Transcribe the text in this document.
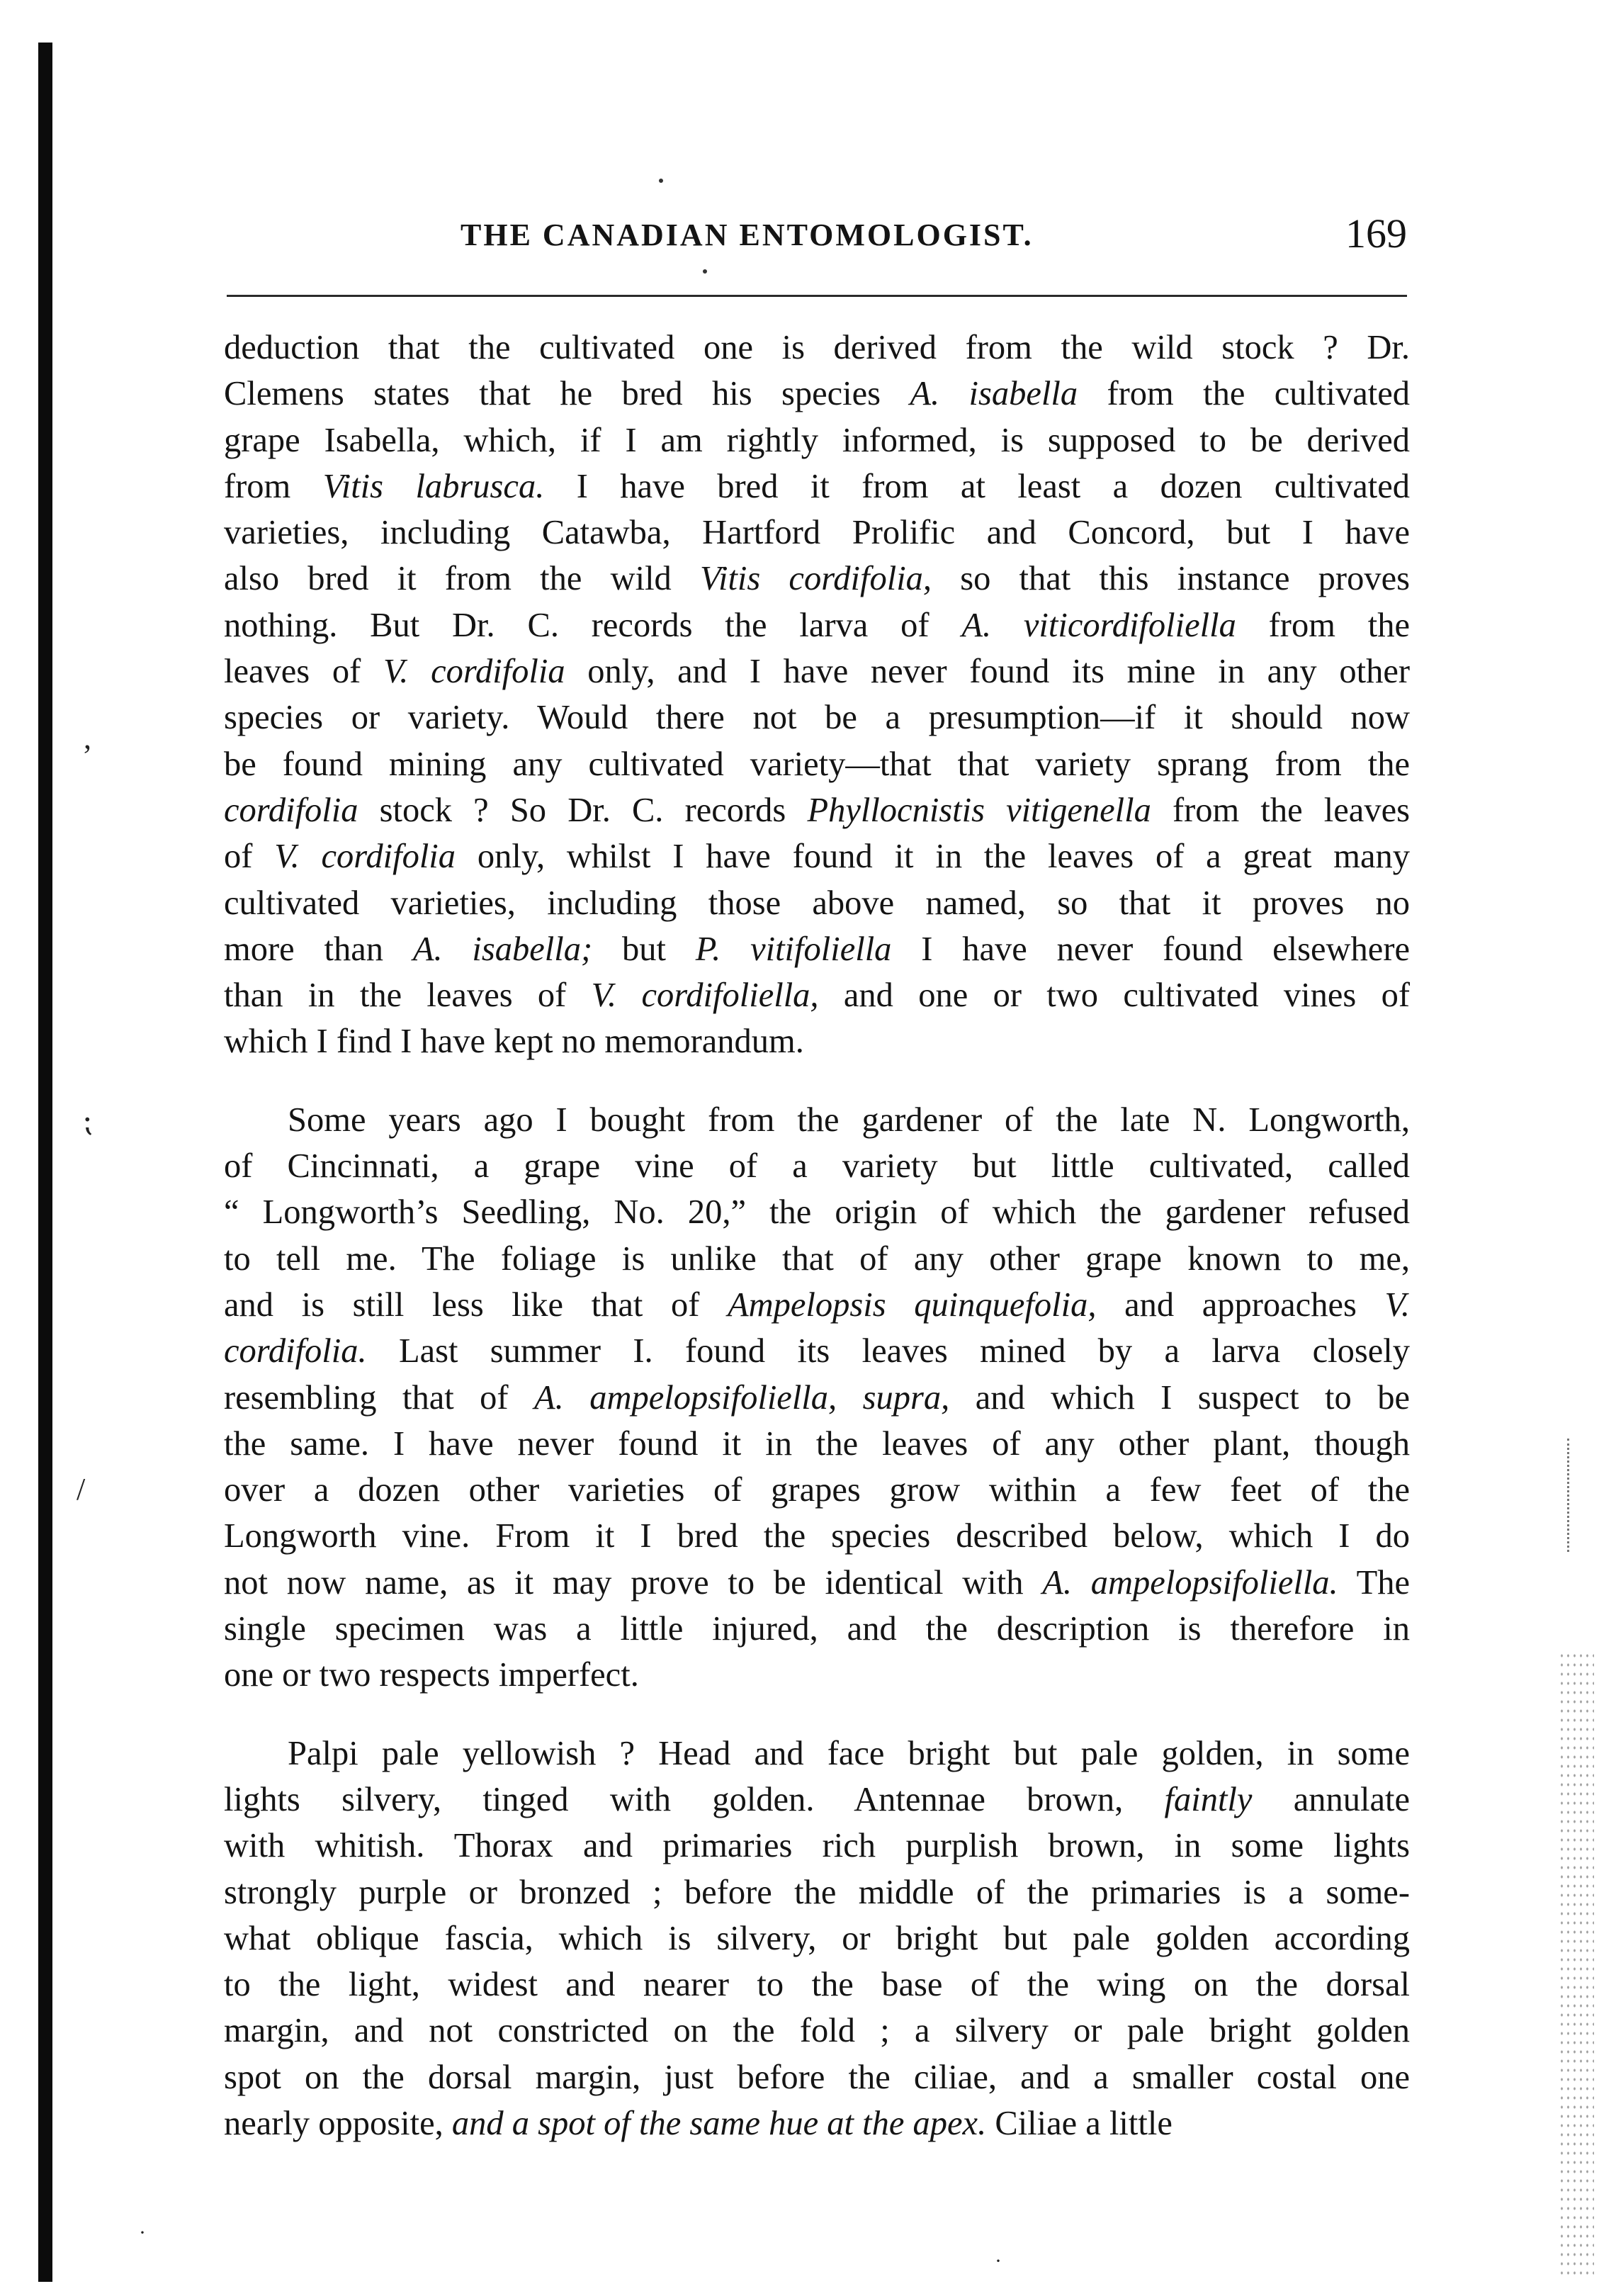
THE CANADIAN ENTOMOLOGIST.	169
deduction that the cultivated one is derived from the wild stock ? Dr.
Clemens states that he bred his species A. isabella from the cultivated
grape Isabella, which, if I am rightly informed, is supposed to be derived
from Vitis labrusca. I have bred it from at least a dozen cultivated
varieties, including Catawba, Hartford Prolific and Concord, but I have
also bred it from the wild Vitis cordifolia, so that this instance proves
nothing. But Dr. C. records the larva of A. viticordifoliella from the
leaves of V. cordifolia only, and I have never found its mine in any other
species or variety. Would there not be a presumption—if it should now
be found mining any cultivated variety—that that variety sprang from the
cordifolia stock ? So Dr. C. records Phyllocnistis vitigenella from the leaves
of V. cordifolia only, whilst I have found it in the leaves of a great many
cultivated varieties, including those above named, so that it proves no
more than A. isabella; but P. vitifoliella I have never found elsewhere
than in the leaves of V. cordifoliella, and one or two cultivated vines of
which I find I have kept no memorandum.
Some years ago I bought from the gardener of the late N. Longworth,
of Cincinnati, a grape vine of a variety but little cultivated, called
“ Longworth’s Seedling, No. 20,” the origin of which the gardener refused
to tell me. The foliage is unlike that of any other grape known to me,
and is still less like that of Ampelopsis quinquefolia, and approaches V.
cordifolia. Last summer I. found its leaves mined by a larva closely
resembling that of A. ampelopsifoliella, supra, and which I suspect to be
the same. I have never found it in the leaves of any other plant, though
over a dozen other varieties of grapes grow within a few feet of the
Longworth vine. From it I bred the species described below, which I do
not now name, as it may prove to be identical with A. ampelopsifoliella. The
single specimen was a little injured, and the description is therefore in
one or two respects imperfect.
Palpi pale yellowish ? Head and face bright but pale golden, in some
lights silvery, tinged with golden. Antennae brown, faintly annulate
with whitish. Thorax and primaries rich purplish brown, in some lights
strongly purple or bronzed ; before the middle of the primaries is a some-
what oblique fascia, which is silvery, or bright but pale golden according
to the light, widest and nearer to the base of the wing on the dorsal
margin, and not constricted on the fold ; a silvery or pale bright golden
spot on the dorsal margin, just before the ciliae, and a smaller costal one
nearly opposite, and a spot of the same hue at the apex. Ciliae a little
,
⁏
/
·
·
